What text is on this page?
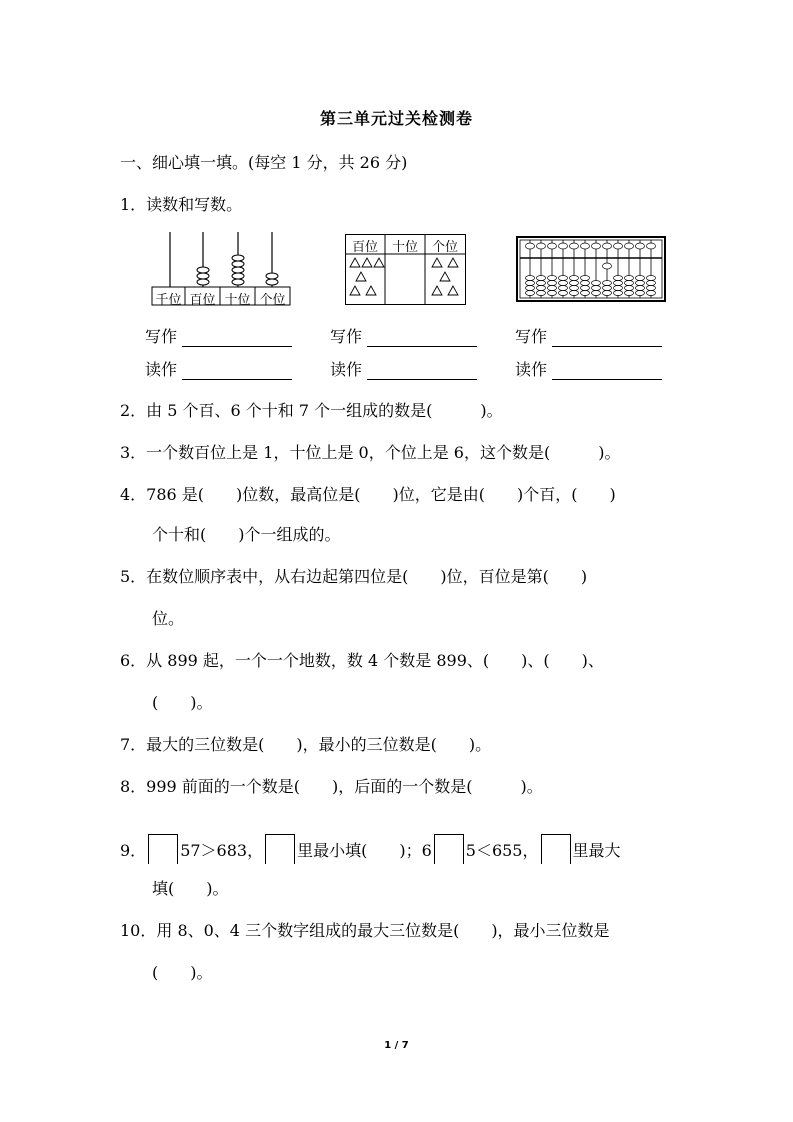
第三单元过关检测卷
一、细心填一填。(每空 1 分，共 26 分)
1．读数和写数。
千位 百位 十位 个位
百位	十位	个位
写作	写作	写作
读作	读作	读作
2．由 5 个百、6 个十和 7 个一组成的数是(　　　)。
3．一个数百位上是 1，十位上是 0，个位上是 6，这个数是(　　　)。
4．786 是(　　)位数，最高位是(　　)位，它是由(　　)个百，(　　)
个十和(　　)个一组成的。
5．在数位顺序表中，从右边起第四位是(　　)位，百位是第(　　)
位。
6．从 899 起，一个一个地数，数 4 个数是 899、(　　)、(　　)、
(　　)。
7．最大的三位数是(　　)，最小的三位数是(　　)。
8．999 前面的一个数是(　　)，后面的一个数是(　　　)。
9． 57＞683， 里最小填(　　)；6 5＜655， 里最大
填(　　)。
10．用 8、0、4 三个数字组成的最大三位数是(　　)，最小三位数是
(　　)。
1 / 7
